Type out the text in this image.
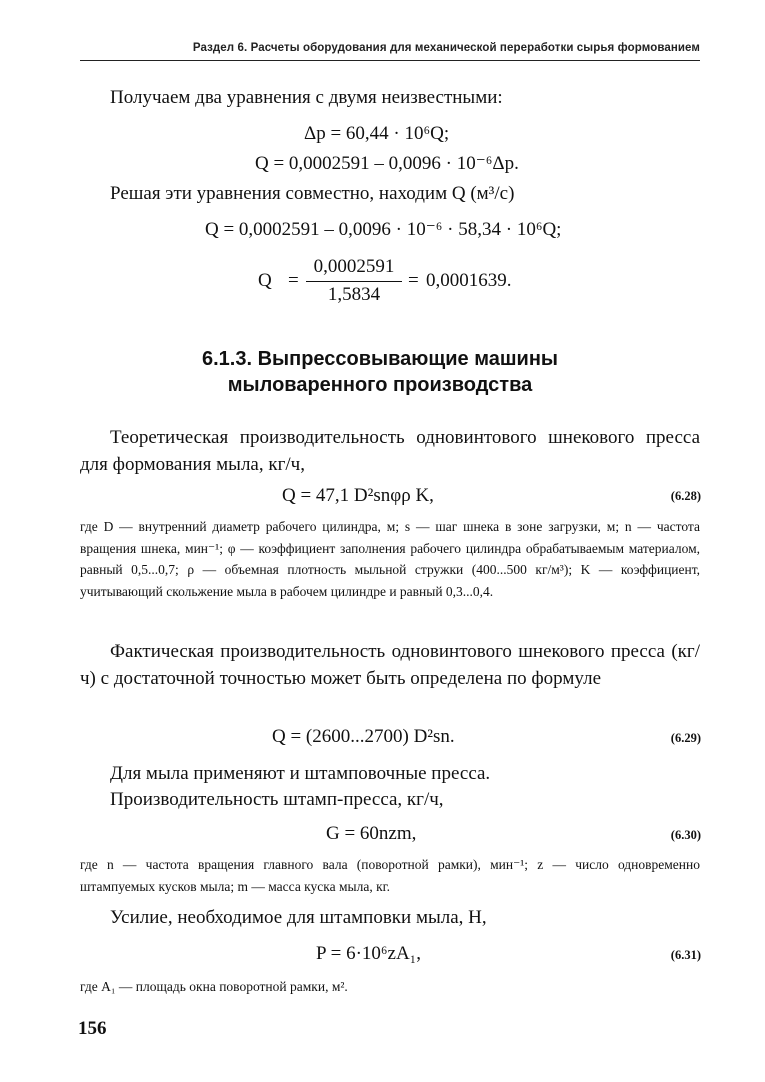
Раздел 6. Расчеты оборудования для механической переработки сырья формованием
Получаем два уравнения с двумя неизвестными:
Δp = 60,44 · 10⁶Q;
Q = 0,0002591 – 0,0096 · 10⁻⁶Δp.
Решая эти уравнения совместно, находим Q (м³/с)
Q = 0,0002591 – 0,0096 · 10⁻⁶ · 58,34 · 10⁶Q;
Q =
0,0002591
1,5834
= 0,0001639.
6.1.3. Выпрессовывающие машины
мыловаренного производства
Теоретическая производительность одновинтового шнекового пресса для формования мыла, кг/ч,
Q = 47,1 D²snφρ K,	(6.28)
где D — внутренний диаметр рабочего цилиндра, м; s — шаг шнека в зоне загрузки, м; n — частота вращения шнека, мин⁻¹; φ — коэффициент заполнения рабочего цилиндра обрабатываемым материалом, равный 0,5...0,7; ρ — объемная плотность мыльной стружки (400...500 кг/м³); K — коэффициент, учитывающий скольжение мыла в рабочем цилиндре и равный 0,3...0,4.
Фактическая производительность одновинтового шнекового пресса (кг/ч) с достаточной точностью может быть определена по формуле
Q = (2600...2700) D²sn.	(6.29)
Для мыла применяют и штамповочные пресса.
Производительность штамп-пресса, кг/ч,
G = 60nzm,	(6.30)
где n — частота вращения главного вала (поворотной рамки), мин⁻¹; z — число одновременно штампуемых кусков мыла; m — масса куска мыла, кг.
Усилие, необходимое для штамповки мыла, Н,
P = 6·10⁶zA₁,	(6.31)
где A₁ — площадь окна поворотной рамки, м².
156
